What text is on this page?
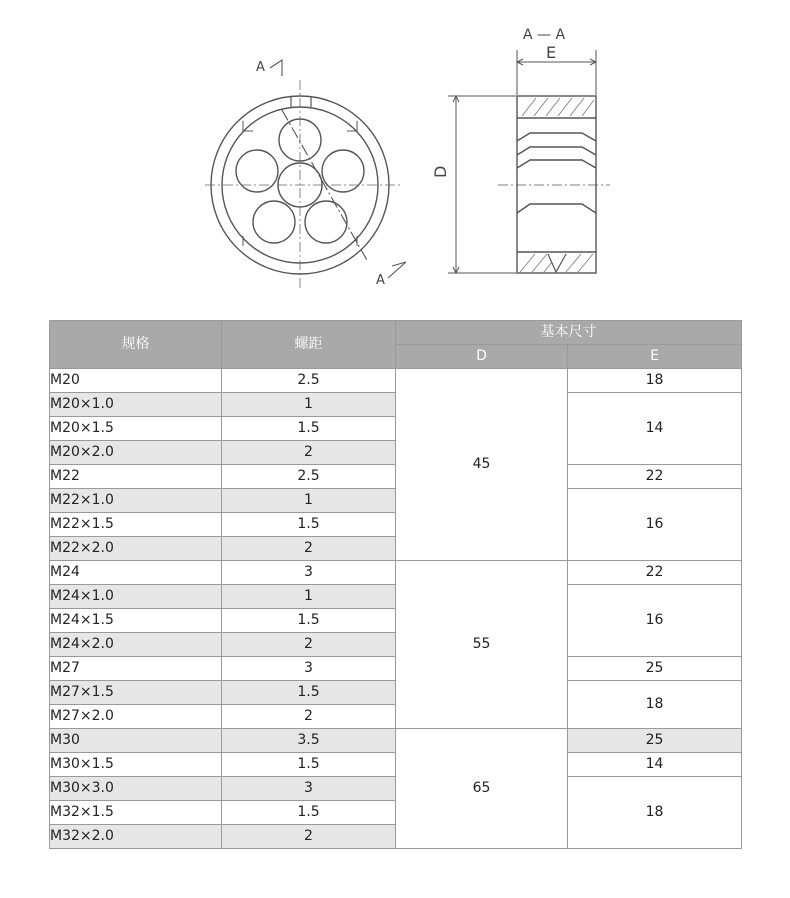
A
A
A — A
E
D
规格	螺距	基本尺寸	
		D	E
M20	2.5	45	18
M20×1.0	1		14
M20×1.5	1.5		
M20×2.0	2		
M22	2.5		22
M22×1.0	1		16
M22×1.5	1.5		
M22×2.0	2		
M24	3	55	22
M24×1.0	1		16
M24×1.5	1.5		
M24×2.0	2		
M27	3		25
M27×1.5	1.5		18
M27×2.0	2		
M30	3.5	65	25
M30×1.5	1.5		14
M30×3.0	3		18
M32×1.5	1.5		
M32×2.0	2		
